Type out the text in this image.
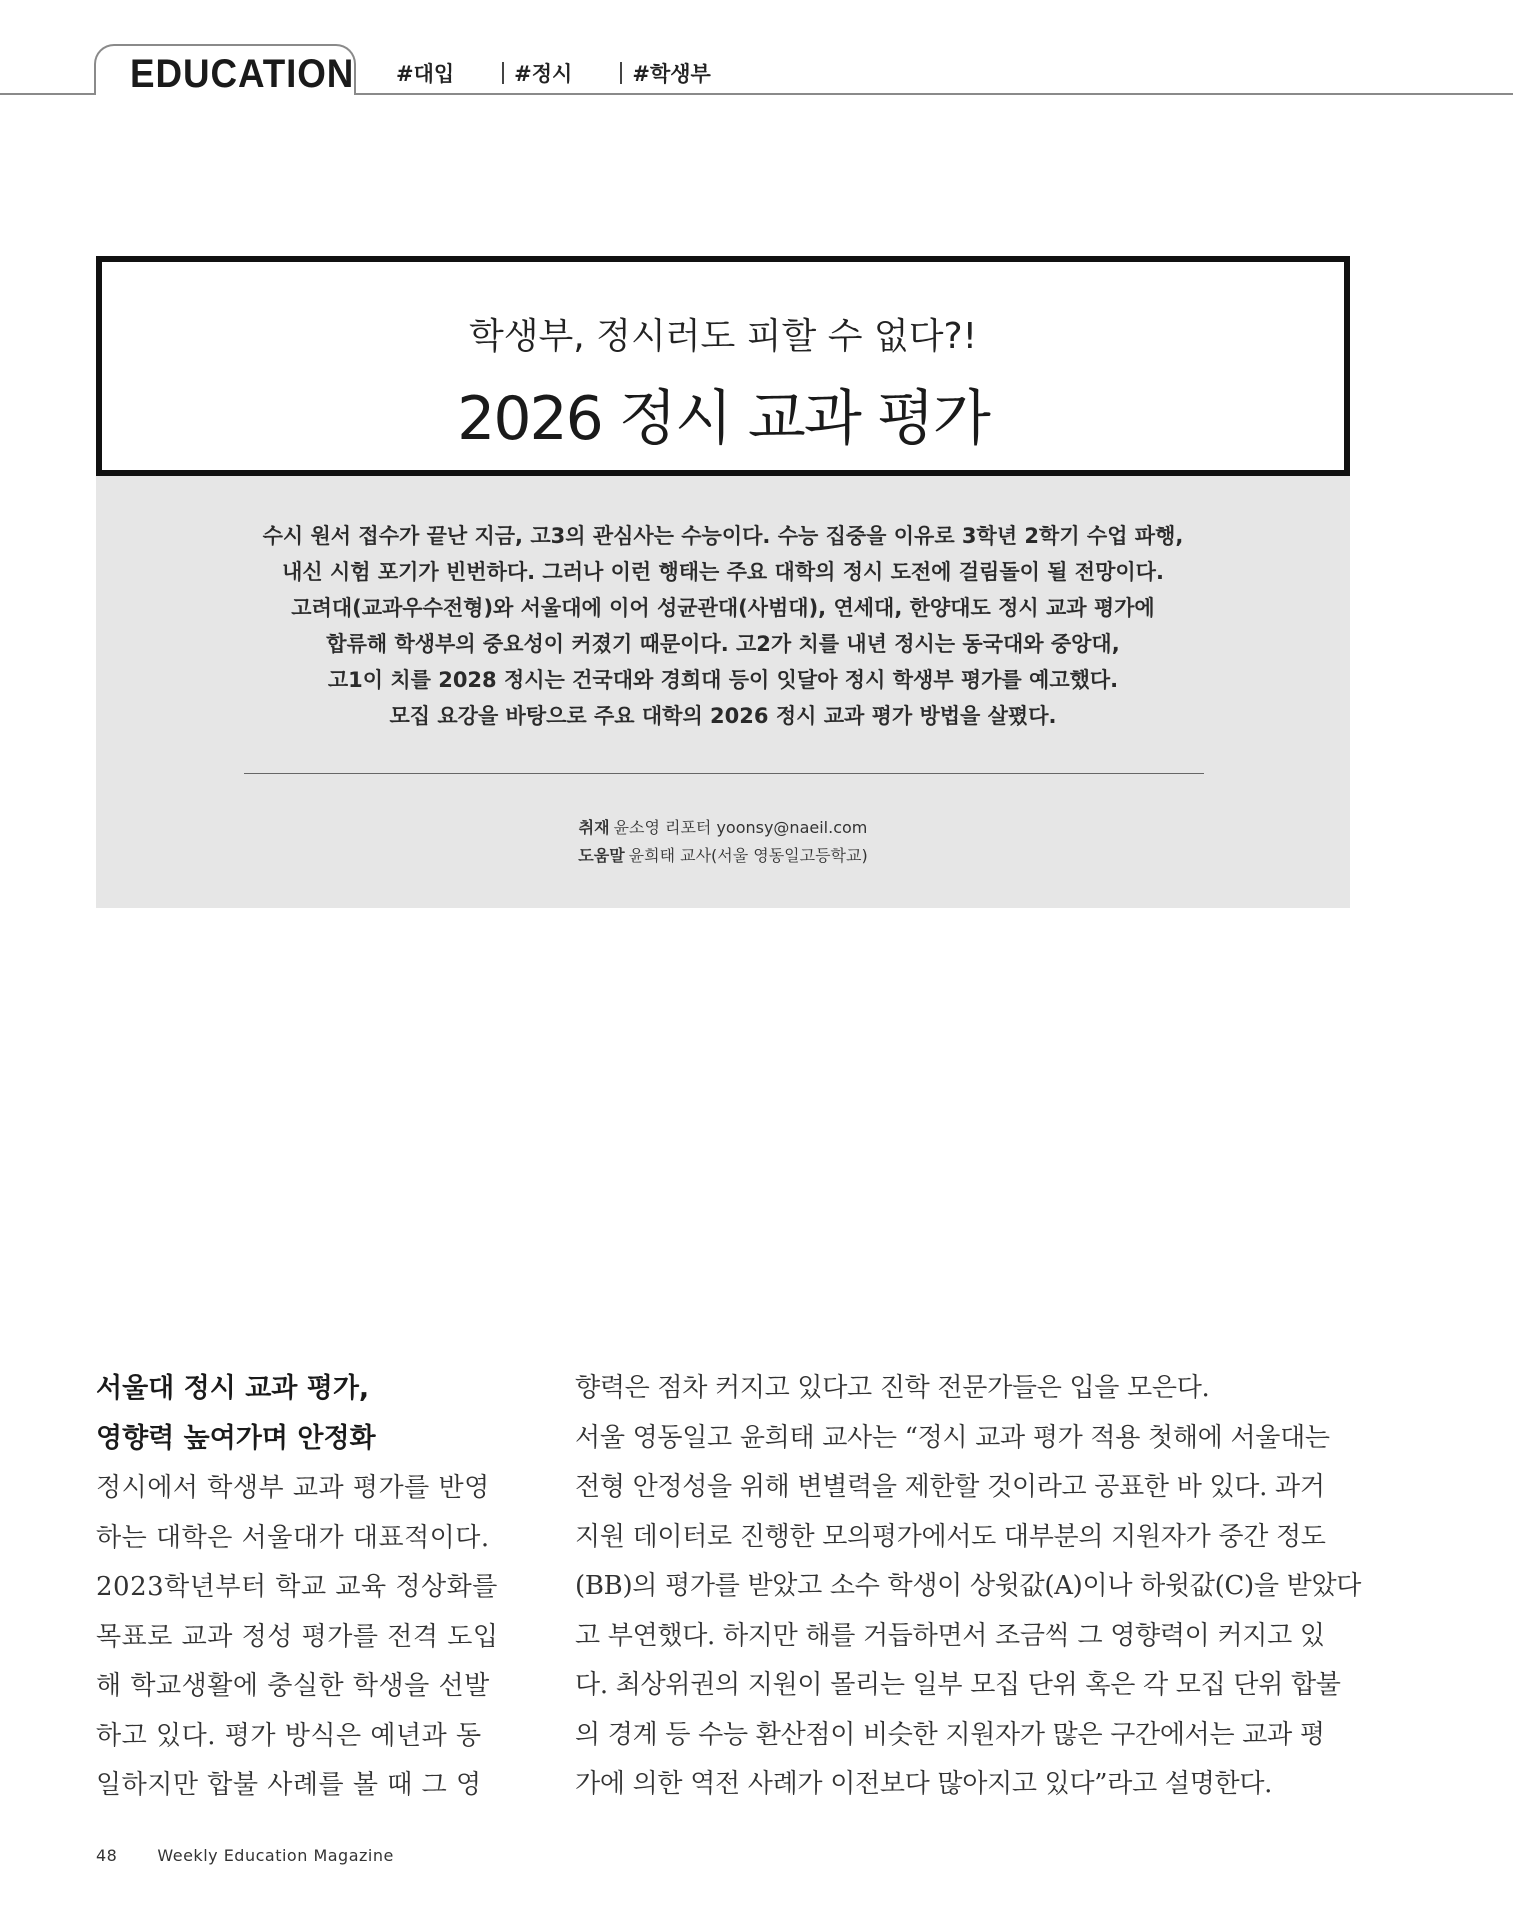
EDUCATION #대입	#정시	#학생부
학생부, 정시러도 피할 수 없다?!
2026 정시 교과 평가
수시 원서 접수가 끝난 지금, 고3의 관심사는 수능이다. 수능 집중을 이유로 3학년 2학기 수업 파행,
내신 시험 포기가 빈번하다. 그러나 이런 행태는 주요 대학의 정시 도전에 걸림돌이 될 전망이다.
고려대(교과우수전형)와 서울대에 이어 성균관대(사범대), 연세대, 한양대도 정시 교과 평가에
합류해 학생부의 중요성이 커졌기 때문이다. 고2가 치를 내년 정시는 동국대와 중앙대,
고1이 치를 2028 정시는 건국대와 경희대 등이 잇달아 정시 학생부 평가를 예고했다.
모집 요강을 바탕으로 주요 대학의 2026 정시 교과 평가 방법을 살폈다.
취재 윤소영 리포터 yoonsy@naeil.com
도움말 윤희태 교사(서울 영동일고등학교)
서울대 정시 교과 평가,
영향력 높여가며 안정화
정시에서 학생부 교과 평가를 반영
하는 대학은 서울대가 대표적이다.
2023학년부터 학교 교육 정상화를
목표로 교과 정성 평가를 전격 도입
해 학교생활에 충실한 학생을 선발
하고 있다. 평가 방식은 예년과 동
일하지만 합불 사례를 볼 때 그 영
향력은 점차 커지고 있다고 진학 전문가들은 입을 모은다.
서울 영동일고 윤희태 교사는 “정시 교과 평가 적용 첫해에 서울대는
전형 안정성을 위해 변별력을 제한할 것이라고 공표한 바 있다. 과거
지원 데이터로 진행한 모의평가에서도 대부분의 지원자가 중간 정도
(BB)의 평가를 받았고 소수 학생이 상윗값(A)이나 하윗값(C)을 받았다
고 부연했다. 하지만 해를 거듭하면서 조금씩 그 영향력이 커지고 있
다. 최상위권의 지원이 몰리는 일부 모집 단위 혹은 각 모집 단위 합불
의 경계 등 수능 환산점이 비슷한 지원자가 많은 구간에서는 교과 평
가에 의한 역전 사례가 이전보다 많아지고 있다”라고 설명한다.
48	Weekly Education Magazine
